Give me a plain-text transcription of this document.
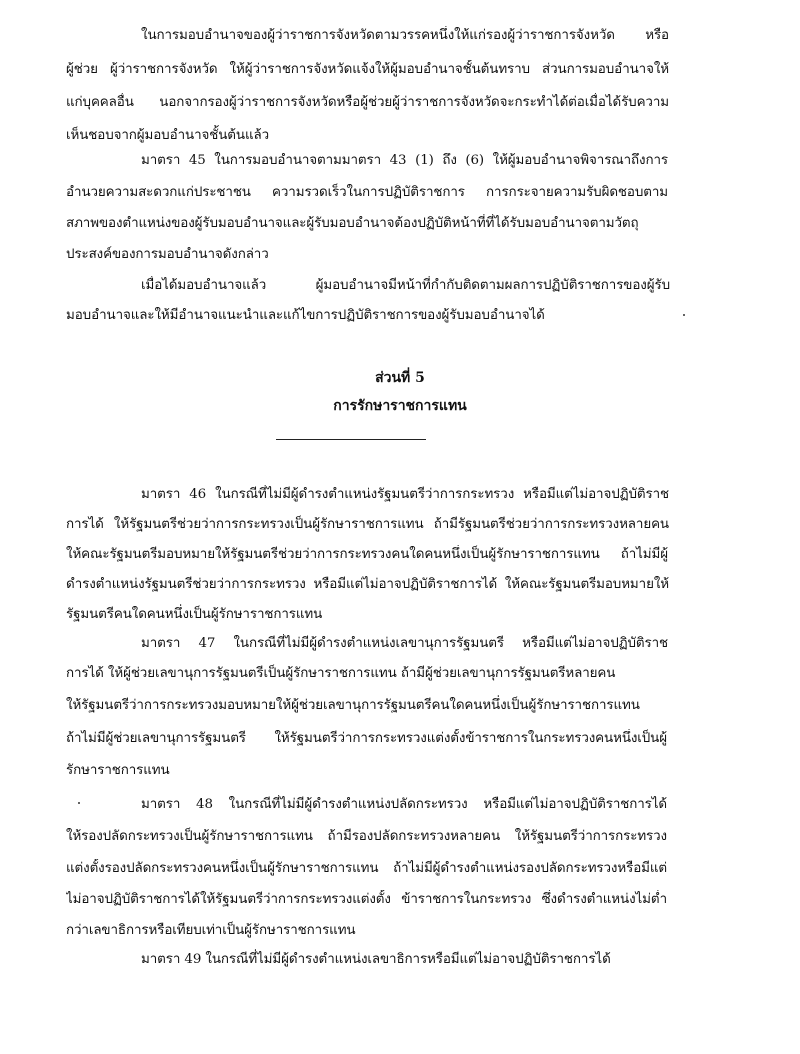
ในการมอบอำนาจของผู้ว่าราชการจังหวัดตามวรรคหนึ่งให้แก่รองผู้ว่าราชการจังหวัด หรือ
ผู้ช่วย ผู้ว่าราชการจังหวัด ให้ผู้ว่าราชการจังหวัดแจ้งให้ผู้มอบอำนาจชั้นต้นทราบ ส่วนการมอบอำนาจให้
แก่บุคคลอื่น นอกจากรองผู้ว่าราชการจังหวัดหรือผู้ช่วยผู้ว่าราชการจังหวัดจะกระทำได้ต่อเมื่อได้รับความ
เห็นชอบจากผู้มอบอำนาจชั้นต้นแล้ว
มาตรา 45 ในการมอบอำนาจตามมาตรา 43 (1) ถึง (6) ให้ผู้มอบอำนาจพิจารณาถึงการ
อำนวยความสะดวกแก่ประชาชน ความรวดเร็วในการปฏิบัติราชการ การกระจายความรับผิดชอบตาม
สภาพของตำแหน่งของผู้รับมอบอำนาจและผู้รับมอบอำนาจต้องปฏิบัติหน้าที่ที่ได้รับมอบอำนาจตามวัตถุ
ประสงค์ของการมอบอำนาจดังกล่าว
เมื่อได้มอบอำนาจแล้ว ผู้มอบอำนาจมีหน้าที่กำกับติดตามผลการปฏิบัติราชการของผู้รับ
มอบอำนาจและให้มีอำนาจแนะนำและแก้ไขการปฏิบัติราชการของผู้รับมอบอำนาจได้
ส่วนที่ 5
การรักษาราชการแทน
มาตรา 46 ในกรณีที่ไม่มีผู้ดำรงตำแหน่งรัฐมนตรีว่าการกระทรวง หรือมีแต่ไม่อาจปฏิบัติราช
การได้ ให้รัฐมนตรีช่วยว่าการกระทรวงเป็นผู้รักษาราชการแทน ถ้ามีรัฐมนตรีช่วยว่าการกระทรวงหลายคน
ให้คณะรัฐมนตรีมอบหมายให้รัฐมนตรีช่วยว่าการกระทรวงคนใดคนหนึ่งเป็นผู้รักษาราชการแทน ถ้าไม่มีผู้
ดำรงตำแหน่งรัฐมนตรีช่วยว่าการกระทรวง หรือมีแต่ไม่อาจปฏิบัติราชการได้ ให้คณะรัฐมนตรีมอบหมายให้
รัฐมนตรีคนใดคนหนึ่งเป็นผู้รักษาราชการแทน
มาตรา 47 ในกรณีที่ไม่มีผู้ดำรงตำแหน่งเลขานุการรัฐมนตรี หรือมีแต่ไม่อาจปฏิบัติราช
การได้ ให้ผู้ช่วยเลขานุการรัฐมนตรีเป็นผู้รักษาราชการแทน ถ้ามีผู้ช่วยเลขานุการรัฐมนตรีหลายคน
ให้รัฐมนตรีว่าการกระทรวงมอบหมายให้ผู้ช่วยเลขานุการรัฐมนตรีคนใดคนหนึ่งเป็นผู้รักษาราชการแทน
ถ้าไม่มีผู้ช่วยเลขานุการรัฐมนตรี ให้รัฐมนตรีว่าการกระทรวงแต่งตั้งข้าราชการในกระทรวงคนหนึ่งเป็นผู้
รักษาราชการแทน
มาตรา 48 ในกรณีที่ไม่มีผู้ดำรงตำแหน่งปลัดกระทรวง หรือมีแต่ไม่อาจปฏิบัติราชการได้
ให้รองปลัดกระทรวงเป็นผู้รักษาราชการแทน ถ้ามีรองปลัดกระทรวงหลายคน ให้รัฐมนตรีว่าการกระทรวง
แต่งตั้งรองปลัดกระทรวงคนหนึ่งเป็นผู้รักษาราชการแทน ถ้าไม่มีผู้ดำรงตำแหน่งรองปลัดกระทรวงหรือมีแต่
ไม่อาจปฏิบัติราชการได้ให้รัฐมนตรีว่าการกระทรวงแต่งตั้ง ข้าราชการในกระทรวง ซึ่งดำรงตำแหน่งไม่ต่ำ
กว่าเลขาธิการหรือเทียบเท่าเป็นผู้รักษาราชการแทน
มาตรา 49 ในกรณีที่ไม่มีผู้ดำรงตำแหน่งเลขาธิการหรือมีแต่ไม่อาจปฏิบัติราชการได้
